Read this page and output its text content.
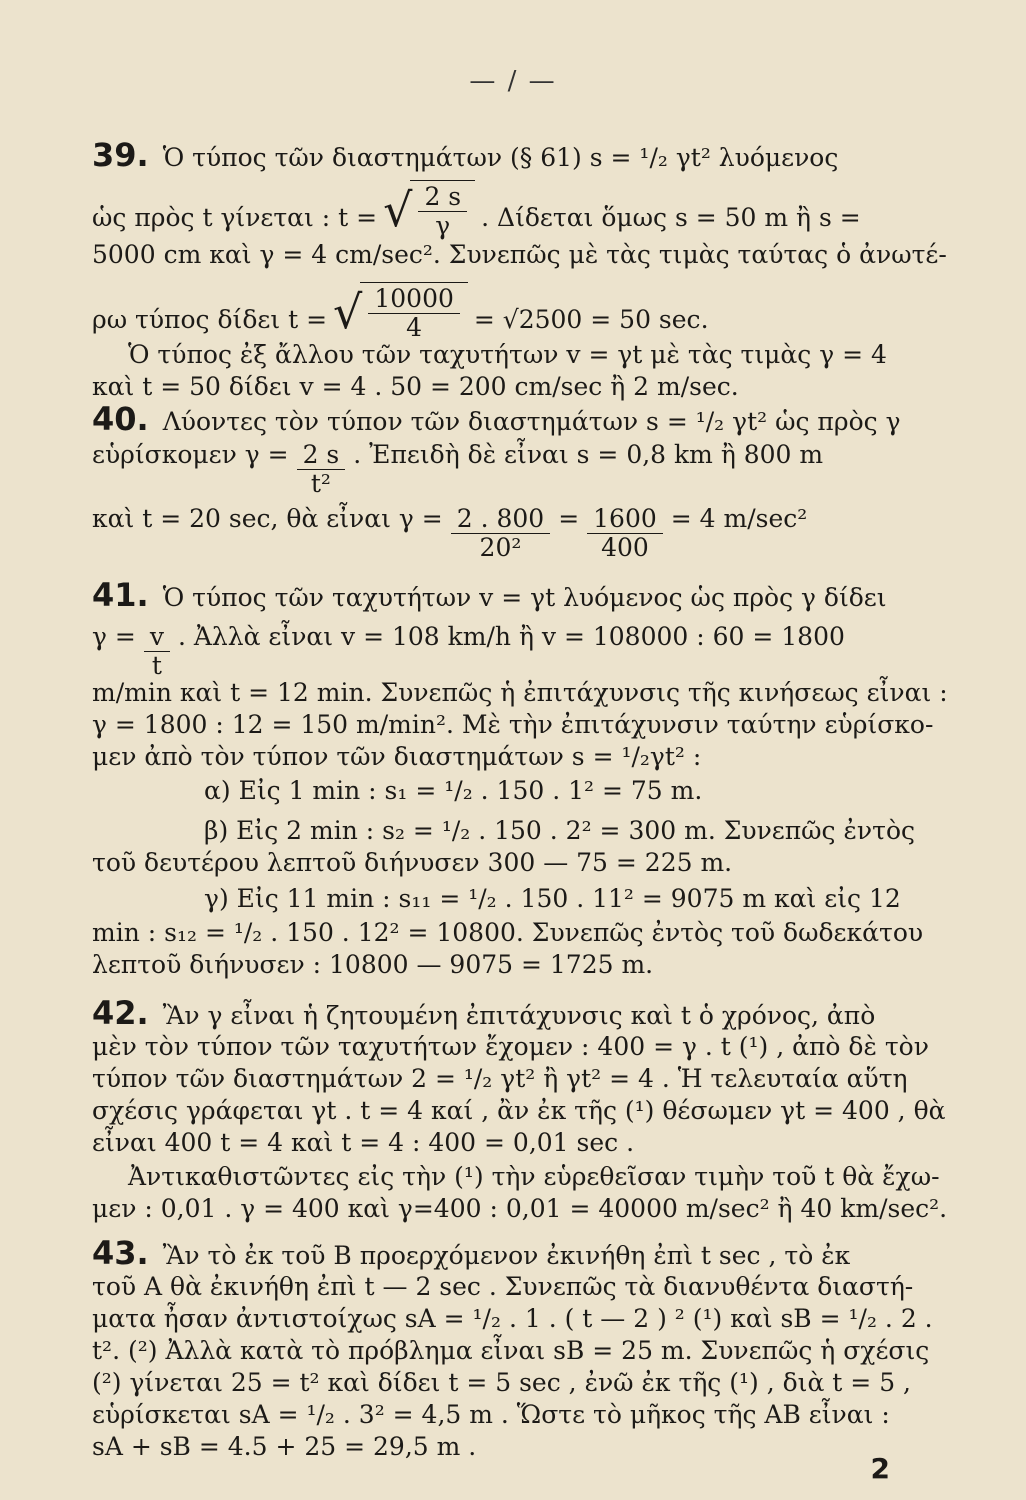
— / —
39. Ὁ τύπος τῶν διαστημάτων (§ 61) s = ¹/₂ γt² λυόμενος
ὡς πρὸς t γίνεται : t = √ $\frac{2 s}{\gamma}$ . Δίδεται ὅμως s = 50 m ἢ s =
5000 cm καὶ γ = 4 cm/sec². Συνεπῶς μὲ τὰς τιμὰς ταύτας ὁ ἀνωτέ-
ρω τύπος δίδει t = √ $\frac{10000}{4} = √2500 = 50$ sec.
Ὁ τύπος ἐξ ἄλλου τῶν ταχυτήτων v = γt μὲ τὰς τιμὰς γ = 4
καὶ t = 50 δίδει v = 4 . 50 = 200 cm/sec ἢ 2 m/sec.
40. Λύοντες τὸν τύπον τῶν διαστημάτων s = ¹/₂ γt² ὡς πρὸς γ
εὑρίσκομεν $\gamma = \frac{2 s}{\text{t²}}$ . Ἐπειδὴ δὲ εἶναι s = 0,8 km ἢ 800 m
καὶ t = 20 sec, θὰ εἶναι $\gamma = \frac{2 . 800}{\text{20²}} = \frac{1600}{400} = 4$ m/sec²
41. Ὁ τύπος τῶν ταχυτήτων v = γt λυόμενος ὡς πρὸς γ δίδει
$\gamma = \frac{v}{t}$ . Ἀλλὰ εἶναι v = 108 km/h ἢ v = 108000 : 60 = 1800
m/min καὶ t = 12 min. Συνεπῶς ἡ ἐπιτάχυνσις τῆς κινήσεως εἶναι :
γ = 1800 : 12 = 150 m/min². Μὲ τὴν ἐπιτάχυνσιν ταύτην εὑρίσκο-
μεν ἀπὸ τὸν τύπον τῶν διαστημάτων s = ¹/₂γt² :
α) Εἰς 1 min : s₁ = ¹/₂ . 150 . 1² = 75 m.
β) Εἰς 2 min : s₂ = ¹/₂ . 150 . 2² = 300 m. Συνεπῶς ἐντὸς
τοῦ δευτέρου λεπτοῦ διήνυσεν 300 — 75 = 225 m.
γ) Εἰς 11 min : s₁₁ = ¹/₂ . 150 . 11² = 9075 m καὶ εἰς 12
min : s₁₂ = ¹/₂ . 150 . 12² = 10800. Συνεπῶς ἐντὸς τοῦ δωδεκάτου
λεπτοῦ διήνυσεν : 10800 — 9075 = 1725 m.
42. Ἂν γ εἶναι ἡ ζητουμένη ἐπιτάχυνσις καὶ t ὁ χρόνος, ἀπὸ
μὲν τὸν τύπον τῶν ταχυτήτων ἔχομεν : 400 = γ . t (¹) , ἀπὸ δὲ τὸν
τύπον τῶν διαστημάτων 2 = ¹/₂ γt² ἢ γt² = 4 . Ἡ τελευταία αὕτη
σχέσις γράφεται γt . t = 4 καί , ἂν ἐκ τῆς (¹) θέσωμεν γt = 400 , θὰ
εἶναι 400 t = 4 καὶ t = 4 : 400 = 0,01 sec .
Ἀντικαθιστῶντες εἰς τὴν (¹) τὴν εὑρεθεῖσαν τιμὴν τοῦ t θὰ ἔχω-
μεν : 0,01 . γ = 400 καὶ γ=400 : 0,01 = 40000 m/sec² ἢ 40 km/sec².
43. Ἂν τὸ ἐκ τοῦ Β προερχόμενον ἐκινήθη ἐπὶ t sec , τὸ ἐκ
τοῦ Α θὰ ἐκινήθη ἐπὶ t — 2 sec . Συνεπῶς τὰ διανυθέντα διαστή-
ματα ἦσαν ἀντιστοίχως sA = ¹/₂ . 1 . ( t — 2 ) ² (¹) καὶ sB = ¹/₂ . 2 .
t². (²) Ἀλλὰ κατὰ τὸ πρόβλημα εἶναι sB = 25 m. Συνεπῶς ἡ σχέσις
(²) γίνεται 25 = t² καὶ δίδει t = 5 sec , ἐνῶ ἐκ τῆς (¹) , διὰ t = 5 ,
εὑρίσκεται sA = ¹/₂ . 3² = 4,5 m . Ὥστε τὸ μῆκος τῆς ΑΒ εἶναι :
sA + sB = 4.5 + 25 = 29,5 m .
2
